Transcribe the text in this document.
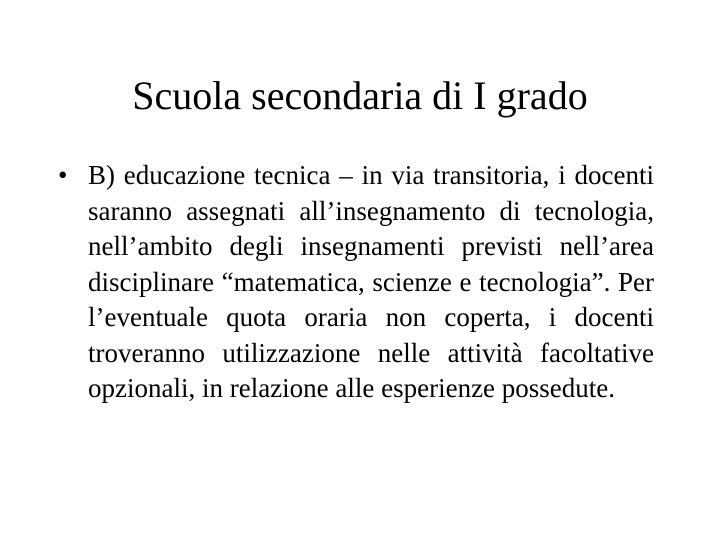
Scuola secondaria di I grado
• B) educazione tecnica – in via transitoria, i docenti saranno assegnati all’insegnamento di tecnologia, nell’ambito degli insegnamenti previsti nell’area disciplinare “matematica, scienze e tecnologia”. Per l’eventuale quota oraria non coperta, i docenti troveranno utilizzazione nelle attività facoltative opzionali, in relazione alle esperienze possedute.
